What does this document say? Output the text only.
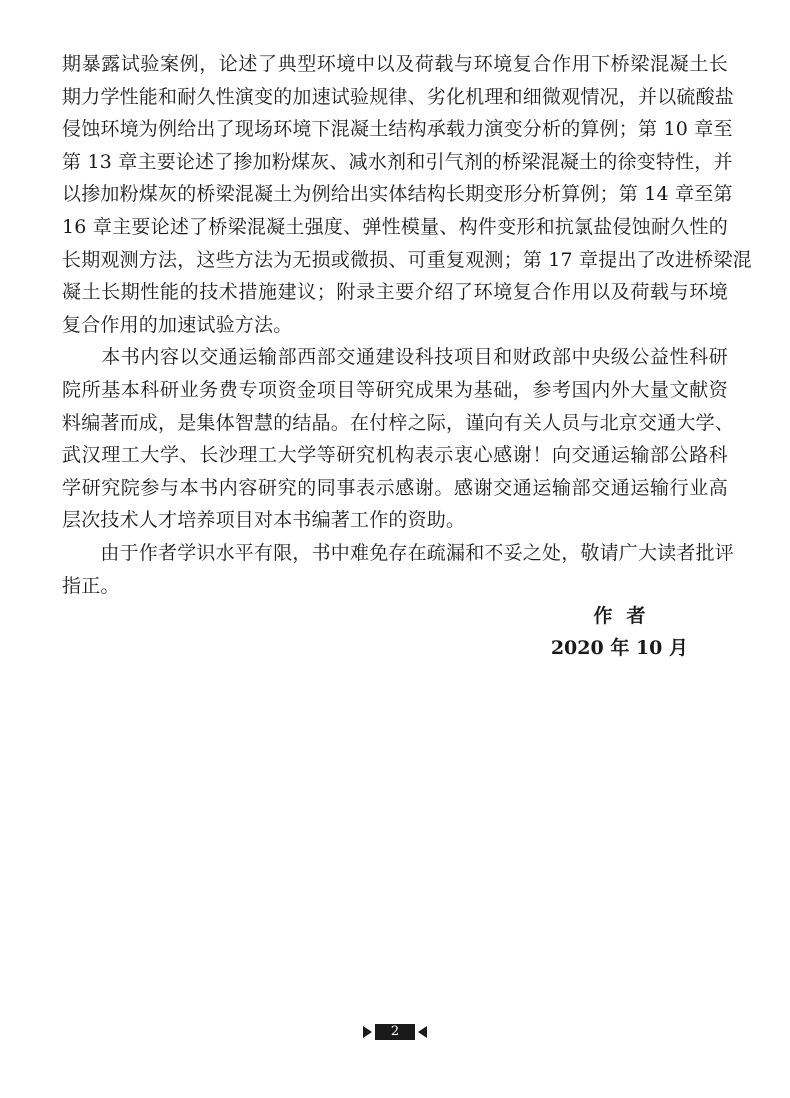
期暴露试验案例，论述了典型环境中以及荷载与环境复合作用下桥梁混凝土长
期力学性能和耐久性演变的加速试验规律、劣化机理和细微观情况，并以硫酸盐
侵蚀环境为例给出了现场环境下混凝土结构承载力演变分析的算例；第 10 章至
第 13 章主要论述了掺加粉煤灰、减水剂和引气剂的桥梁混凝土的徐变特性，并
以掺加粉煤灰的桥梁混凝土为例给出实体结构长期变形分析算例；第 14 章至第
16 章主要论述了桥梁混凝土强度、弹性模量、构件变形和抗氯盐侵蚀耐久性的
长期观测方法，这些方法为无损或微损、可重复观测；第 17 章提出了改进桥梁混
凝土长期性能的技术措施建议；附录主要介绍了环境复合作用以及荷载与环境
复合作用的加速试验方法。
　　本书内容以交通运输部西部交通建设科技项目和财政部中央级公益性科研
院所基本科研业务费专项资金项目等研究成果为基础，参考国内外大量文献资
料编著而成，是集体智慧的结晶。在付梓之际，谨向有关人员与北京交通大学、
武汉理工大学、长沙理工大学等研究机构表示衷心感谢！向交通运输部公路科
学研究院参与本书内容研究的同事表示感谢。感谢交通运输部交通运输行业高
层次技术人才培养项目对本书编著工作的资助。
　　由于作者学识水平有限，书中难免存在疏漏和不妥之处，敬请广大读者批评
指正。
作者
2020 年 10 月
2
